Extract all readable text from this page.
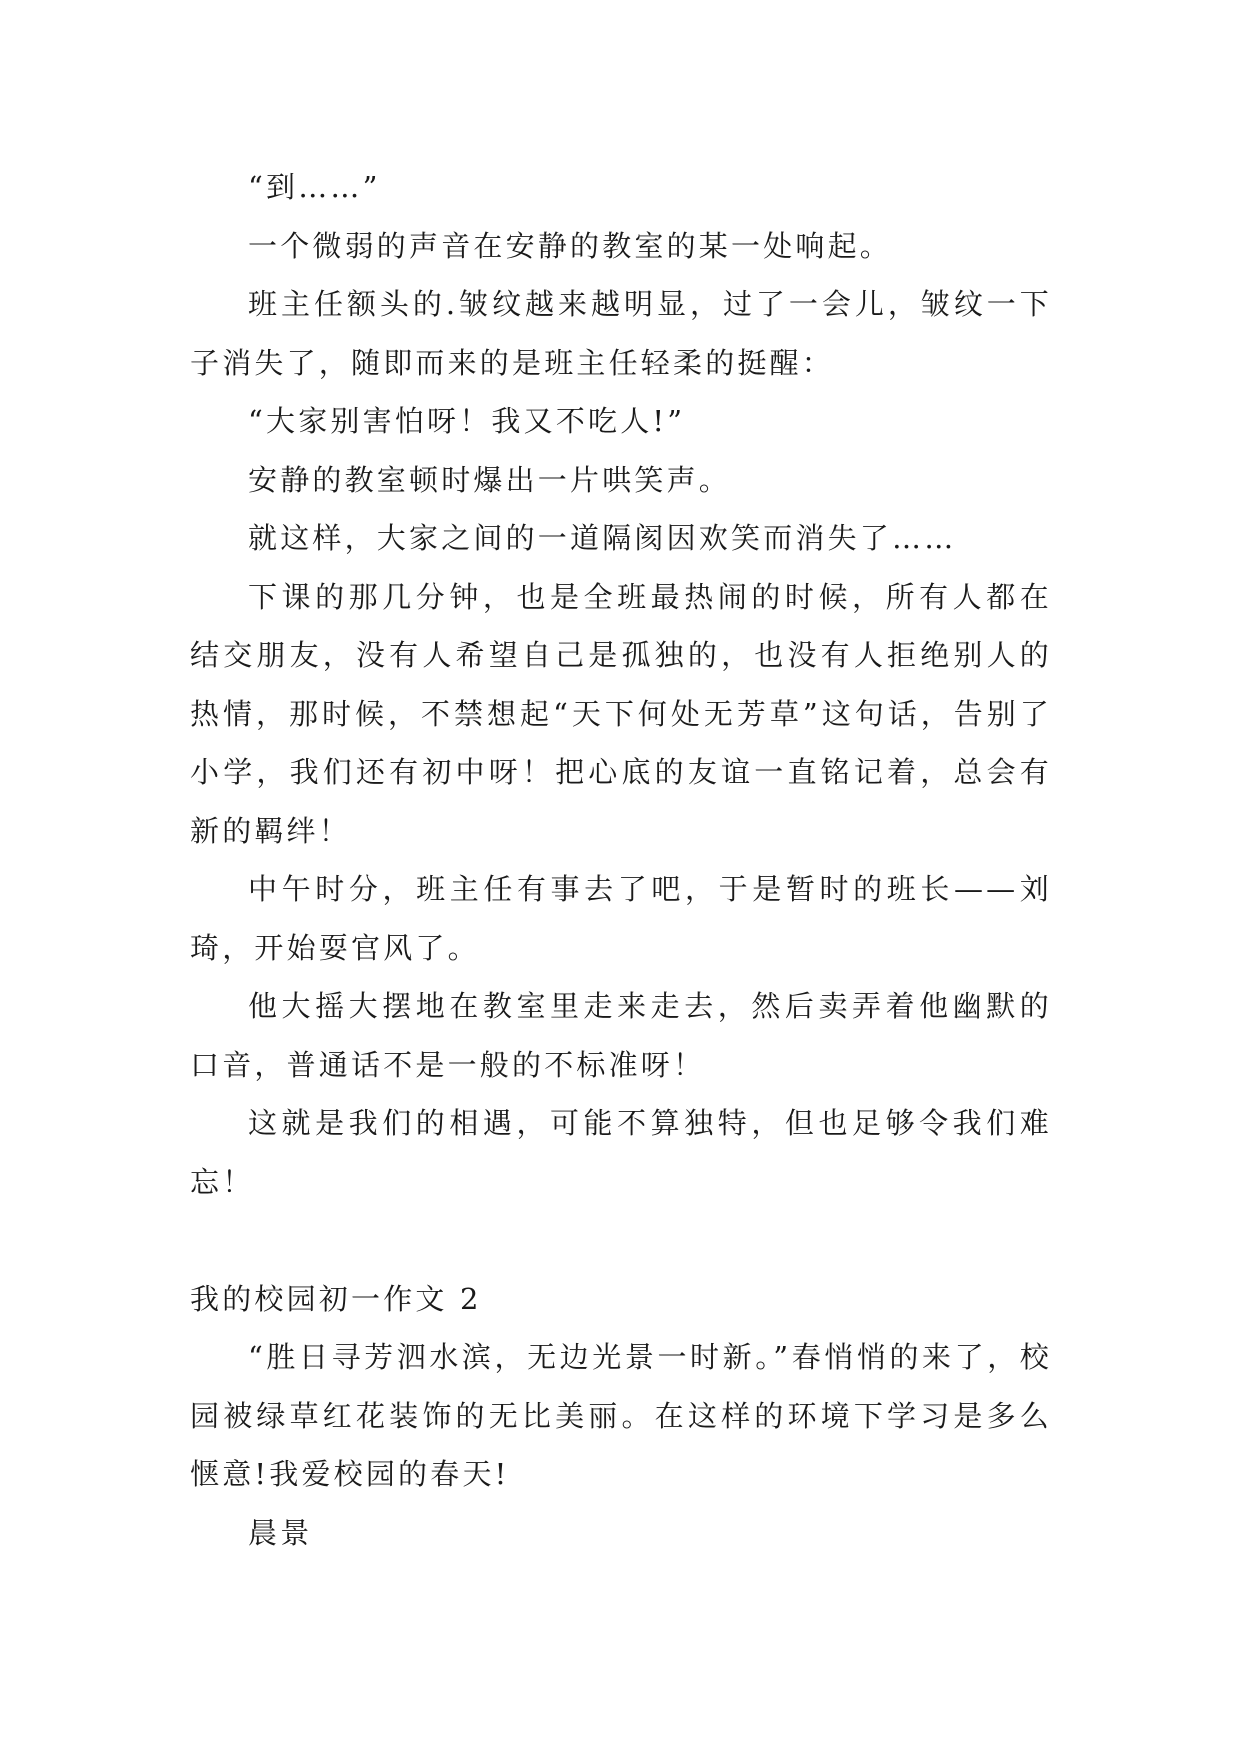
“到……”

一个微弱的声音在安静的教室的某一处响起。

班主任额头的.皱纹越来越明显，过了一会儿，皱纹一下子消失了，随即而来的是班主任轻柔的挺醒：

“大家别害怕呀！我又不吃人!”

安静的教室顿时爆出一片哄笑声。

就这样，大家之间的一道隔阂因欢笑而消失了……

下课的那几分钟，也是全班最热闹的时候，所有人都在结交朋友，没有人希望自己是孤独的，也没有人拒绝别人的热情，那时候，不禁想起“天下何处无芳草”这句话，告别了小学，我们还有初中呀！把心底的友谊一直铭记着，总会有新的羁绊！

中午时分，班主任有事去了吧，于是暂时的班长——刘琦，开始耍官风了。

他大摇大摆地在教室里走来走去，然后卖弄着他幽默的口音，普通话不是一般的不标准呀！

这就是我们的相遇，可能不算独特，但也足够令我们难忘！

我的校园初一作文 2

“胜日寻芳泗水滨，无边光景一时新。”春悄悄的来了，校园被绿草红花装饰的无比美丽。在这样的环境下学习是多么惬意!我爱校园的春天!

晨景
